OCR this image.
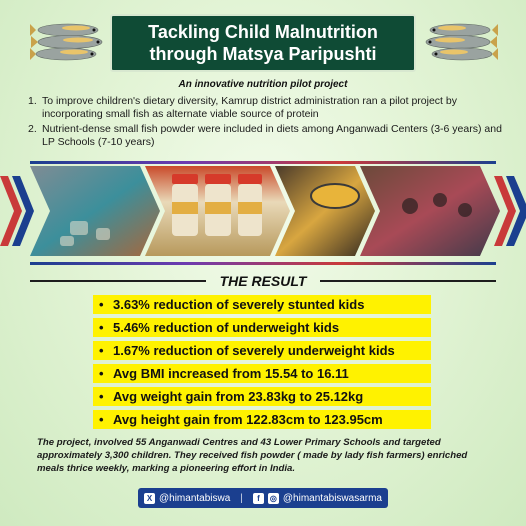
Tackling Child Malnutrition
through Matsya Paripushti
An innovative nutrition pilot project
1. To improve children's dietary diversity, Kamrup district administration ran a pilot project by incorporating small fish as alternate viable source of protein
2. Nutrient-dense small fish powder were included in diets among Anganwadi Centers (3-6 years) and LP Schools (7-10 years)
THE RESULT
• 3.63% reduction of severely stunted kids
• 5.46% reduction of underweight kids
• 1.67% reduction of severely underweight kids
• Avg BMI increased from 15.54 to 16.11
• Avg weight gain from 23.83kg to 25.12kg
• Avg height gain from 122.83cm to 123.95cm
The project, involved 55 Anganwadi Centres and 43 Lower Primary Schools and targeted approximately 3,300 children. They received fish powder ( made by lady fish farmers) enriched meals thrice weekly, marking a pioneering effort in India.
X @himantabiswa |	f	◎ @himantabiswasarma
